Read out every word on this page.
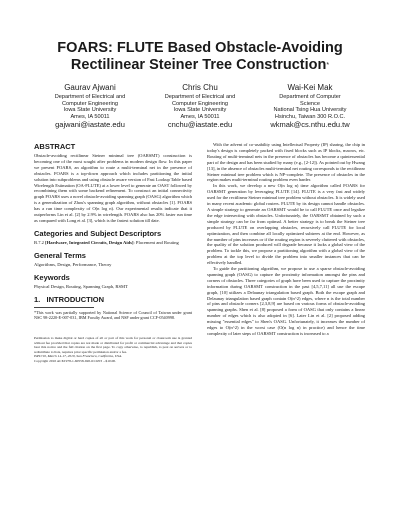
FOARS: FLUTE Based Obstacle-Avoiding Rectilinear Steiner Tree Construction*
Gaurav Ajwani
Department of Electrical and
Computer Engineering
Iowa State University
Ames, IA 50011
gajwani@iastate.edu
Chris Chu
Department of Electrical and
Computer Engineering
Iowa State University
Ames, IA 50011
cnchu@iastate.edu
Wai-Kei Mak
Department of Computer
Science
National Tsing Hua University
Hsinchu, Taiwan 300 R.O.C.
wkmak@cs.nthu.edu.tw
ABSTRACT

Obstacle-avoiding rectilinear Steiner minimal tree (OARSMT) construction is becoming one of the most sought after problems in modern design flow. In this paper we present FOARS, an algorithm to route a multi-terminal net in the presence of obstacles. FOARS is a top-down approach which includes partitioning the initial solution into subproblems and using obstacle aware version of Fast Lookup Table based Wirelength Estimation (OA-FLUTE) at a lower level to generate an OAST followed by recombining them with some backend refinement. To construct an initial connectivity graph FOARS uses a novel obstacle-avoiding spanning graph (OASG) algorithm which is a generalization of Zhou's spanning graph algorithm, without obstacles [1]. FOARS has a run time complexity of O(n log n). Our experimental results indicate that it outperforms Lin et al. [2] by 2.9% in wirelength. FOARS also has 20% faster run time as compared with Long et al. [3], which is the fastest solution till date.

Categories and Subject Descriptors

B.7.2 [Hardware, Integrated Circuits, Design Aids]: Placement and Routing

General Terms

Algorithms, Design, Performance, Theory

Keywords

Physical Design, Routing, Spanning Graph, RSMT

1. INTRODUCTION

*This work was partially supported by National Science of Council of Taiwan under grant NSC 98-2220-E-007-031, IBM Faculty Award, and NSF under grant CCF-0540998.

Permission to make digital or hard copies of all or part of this work for personal or classroom use is granted without fee provided that copies are not made or distributed for profit or commercial advantage and that copies bear this notice and the full citation on the first page. To copy otherwise, to republish, to post on servers or to redistribute to lists, requires prior specific permission and/or a fee.

ISPD'10, March 14-17, 2010, San Francisco, California, USA.

Copyright 2010 ACM 978-1-60558-920-6/10/03 ...$10.00.

With the advent of co-usability using Intellectual Property (IP) sharing, the chip in today's design is completely packed with fixed blocks such as IP blocks, macros, etc. Routing of multi-terminal nets in the presence of obstacles has become a quintessential part of the design and has been studied by many (e.g., [2-12]). As pointed out by Hwang [13], in the absence of obstacles multi-terminal net routing corresponds to the rectilinear Steiner minimal tree problem which is NP-complete. The presence of obstacles in the region makes multi-terminal routing problem even harder.

In this work, we develop a new O(n log n) time algorithm called FOARS for OARSMT generation by leveraging FLUTE [14]. FLUTE is a very fast and widely used for the rectilinear Steiner minimal tree problem without obstacles. It is widely used in many recent academic global routers. FLUTE by its design cannot handle obstacles. A simple strategy to generate an OARSMT would be to call FLUTE once and legalize the edge intersecting with obstacles. Unfortunately, the OARSMT obtained by such a simple strategy can be far from optimal. A better strategy is to break the Steiner tree produced by FLUTE on overlapping obstacles, recursively call FLUTE for local optimization, and then combine all locally optimized subtrees at the end. However, as the number of pins increases or if the routing region is severely cluttered with obstacles, the quality of the solution produced will degrade because it lacks a global view of the problem. To tackle this, we propose a partitioning algorithm with a global view of the problem at the top level to divide the problem into smaller instances that can be effectively handled.

To guide the partitioning algorithm, we propose to use a sparse obstacle-avoiding spanning graph (OASG) to capture the proximity information amongst the pins and corners of obstacles. Three categories of graph have been used to capture the proximity information during OARSMT construction in the past [4,5,7,11] all use the escape graph, [10] utilizes a Delaunay triangulation based graph. Both the escape graph and Delaunay triangulation based graph contain O(n^2) edges, where n is the total number of pins and obstacle corners [2,3,8,9] are based on various forms of obstacle-avoiding spanning graphs. Shen et al. [8] proposed a form of OASG that only contains a linear number of edges which is also adopted in [6]. Later Lin et al. [2] proposed adding missing "essential edges" to Shen's OASG. Unfortunately, it increases the number of edges to O(n^2) in the worst case (O(n log n) in practice) and hence the time complexity of later steps of OARSMT construction is increased to a
